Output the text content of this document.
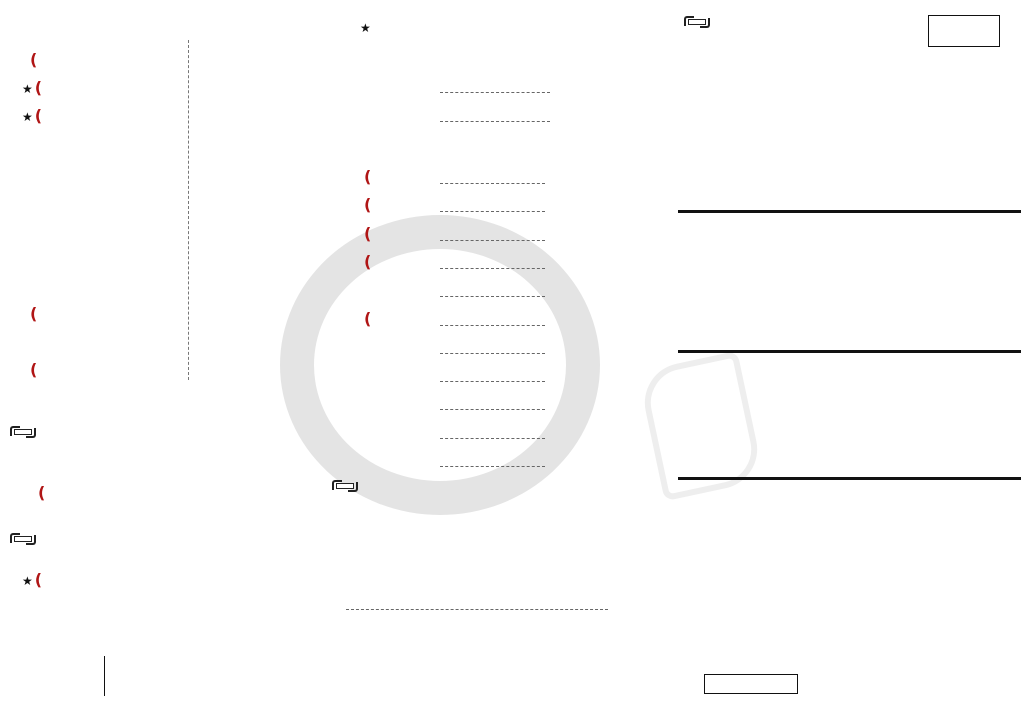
(
★ (
★ (
(
(
(
★ (
★
(
(
(
(
(
